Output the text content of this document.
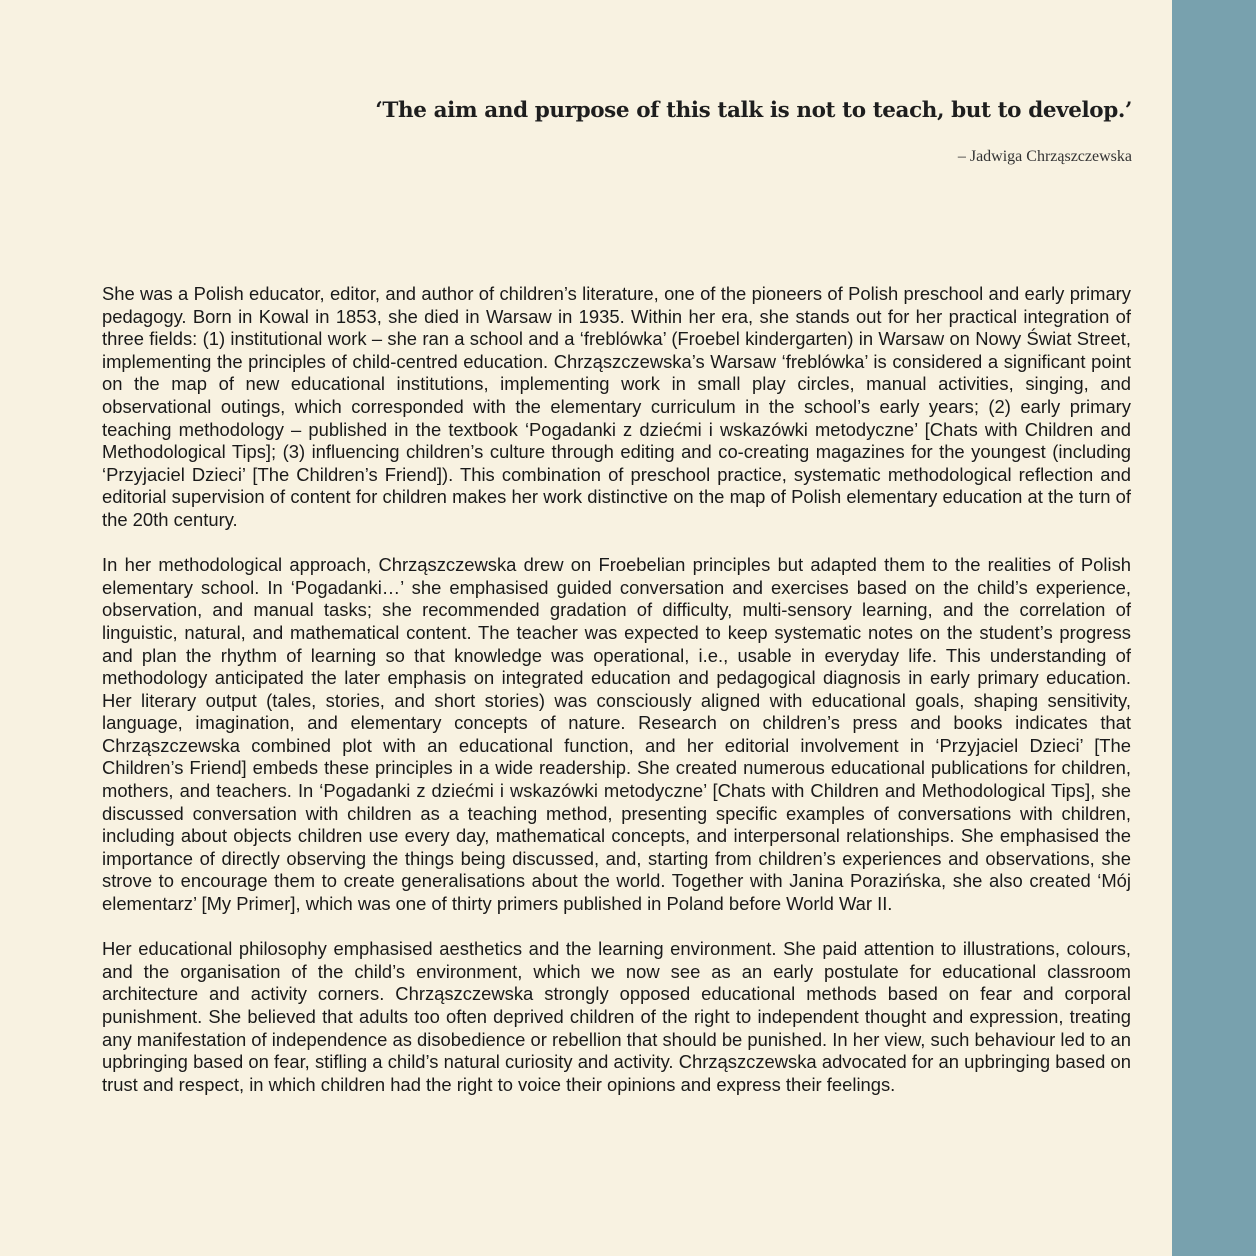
‘The aim and purpose of this talk is not to teach, but to develop.’

– Jadwiga Chrząszczewska

She was a Polish educator, editor, and author of children’s literature, one of the pioneers of Polish preschool and early primary pedagogy. Born in Kowal in 1853, she died in Warsaw in 1935. Within her era, she stands out for her practical integration of three fields: (1) institutional work – she ran a school and a ‘freblówka’ (Froebel kindergarten) in Warsaw on Nowy Świat Street, implementing the principles of child-centred education. Chrząszczewska’s Warsaw ‘freblówka’ is considered a significant point on the map of new educational institutions, implementing work in small play circles, manual activities, singing, and observational outings, which corresponded with the elementary curriculum in the school’s early years; (2) early primary teaching methodology – published in the textbook ‘Pogadanki z dziećmi i wskazówki metodyczne’ [Chats with Children and Methodological Tips]; (3) influencing children’s culture through editing and co-creating magazines for the youngest (including ‘Przyjaciel Dzieci’ [The Children’s Friend]). This combination of preschool practice, systematic methodological reflection and editorial supervision of content for children makes her work distinctive on the map of Polish elementary education at the turn of the 20th century.

In her methodological approach, Chrząszczewska drew on Froebelian principles but adapted them to the realities of Polish elementary school. In ‘Pogadanki…’ she emphasised guided conversation and exercises based on the child’s experience, observation, and manual tasks; she recommended gradation of difficulty, multi-sensory learning, and the correlation of linguistic, natural, and mathematical content. The teacher was expected to keep systematic notes on the student’s progress and plan the rhythm of learning so that knowledge was operational, i.e., usable in everyday life. This understanding of methodology anticipated the later emphasis on integrated education and pedagogical diagnosis in early primary education. Her literary output (tales, stories, and short stories) was consciously aligned with educational goals, shaping sensitivity, language, imagination, and elementary concepts of nature. Research on children’s press and books indicates that Chrząszczewska combined plot with an educational function, and her editorial involvement in ‘Przyjaciel Dzieci’ [The Children’s Friend] embeds these principles in a wide readership. She created numerous educational publications for children, mothers, and teachers. In ‘Pogadanki z dziećmi i wskazówki metodyczne’ [Chats with Children and Methodological Tips], she discussed conversation with children as a teaching method, presenting specific examples of conversations with children, including about objects children use every day, mathematical concepts, and interpersonal relationships. She emphasised the importance of directly observing the things being discussed, and, starting from children’s experiences and observations, she strove to encourage them to create generalisations about the world. Together with Janina Porazińska, she also created ‘Mój elementarz’ [My Primer], which was one of thirty primers published in Poland before World War II.

Her educational philosophy emphasised aesthetics and the learning environment. She paid attention to illustrations, colours, and the organisation of the child’s environment, which we now see as an early postulate for educational classroom architecture and activity corners. Chrząszczewska strongly opposed educational methods based on fear and corporal punishment. She believed that adults too often deprived children of the right to independent thought and expression, treating any manifestation of independence as disobedience or rebellion that should be punished. In her view, such behaviour led to an upbringing based on fear, stifling a child’s natural curiosity and activity. Chrząszczewska advocated for an upbringing based on trust and respect, in which children had the right to voice their opinions and express their feelings.
